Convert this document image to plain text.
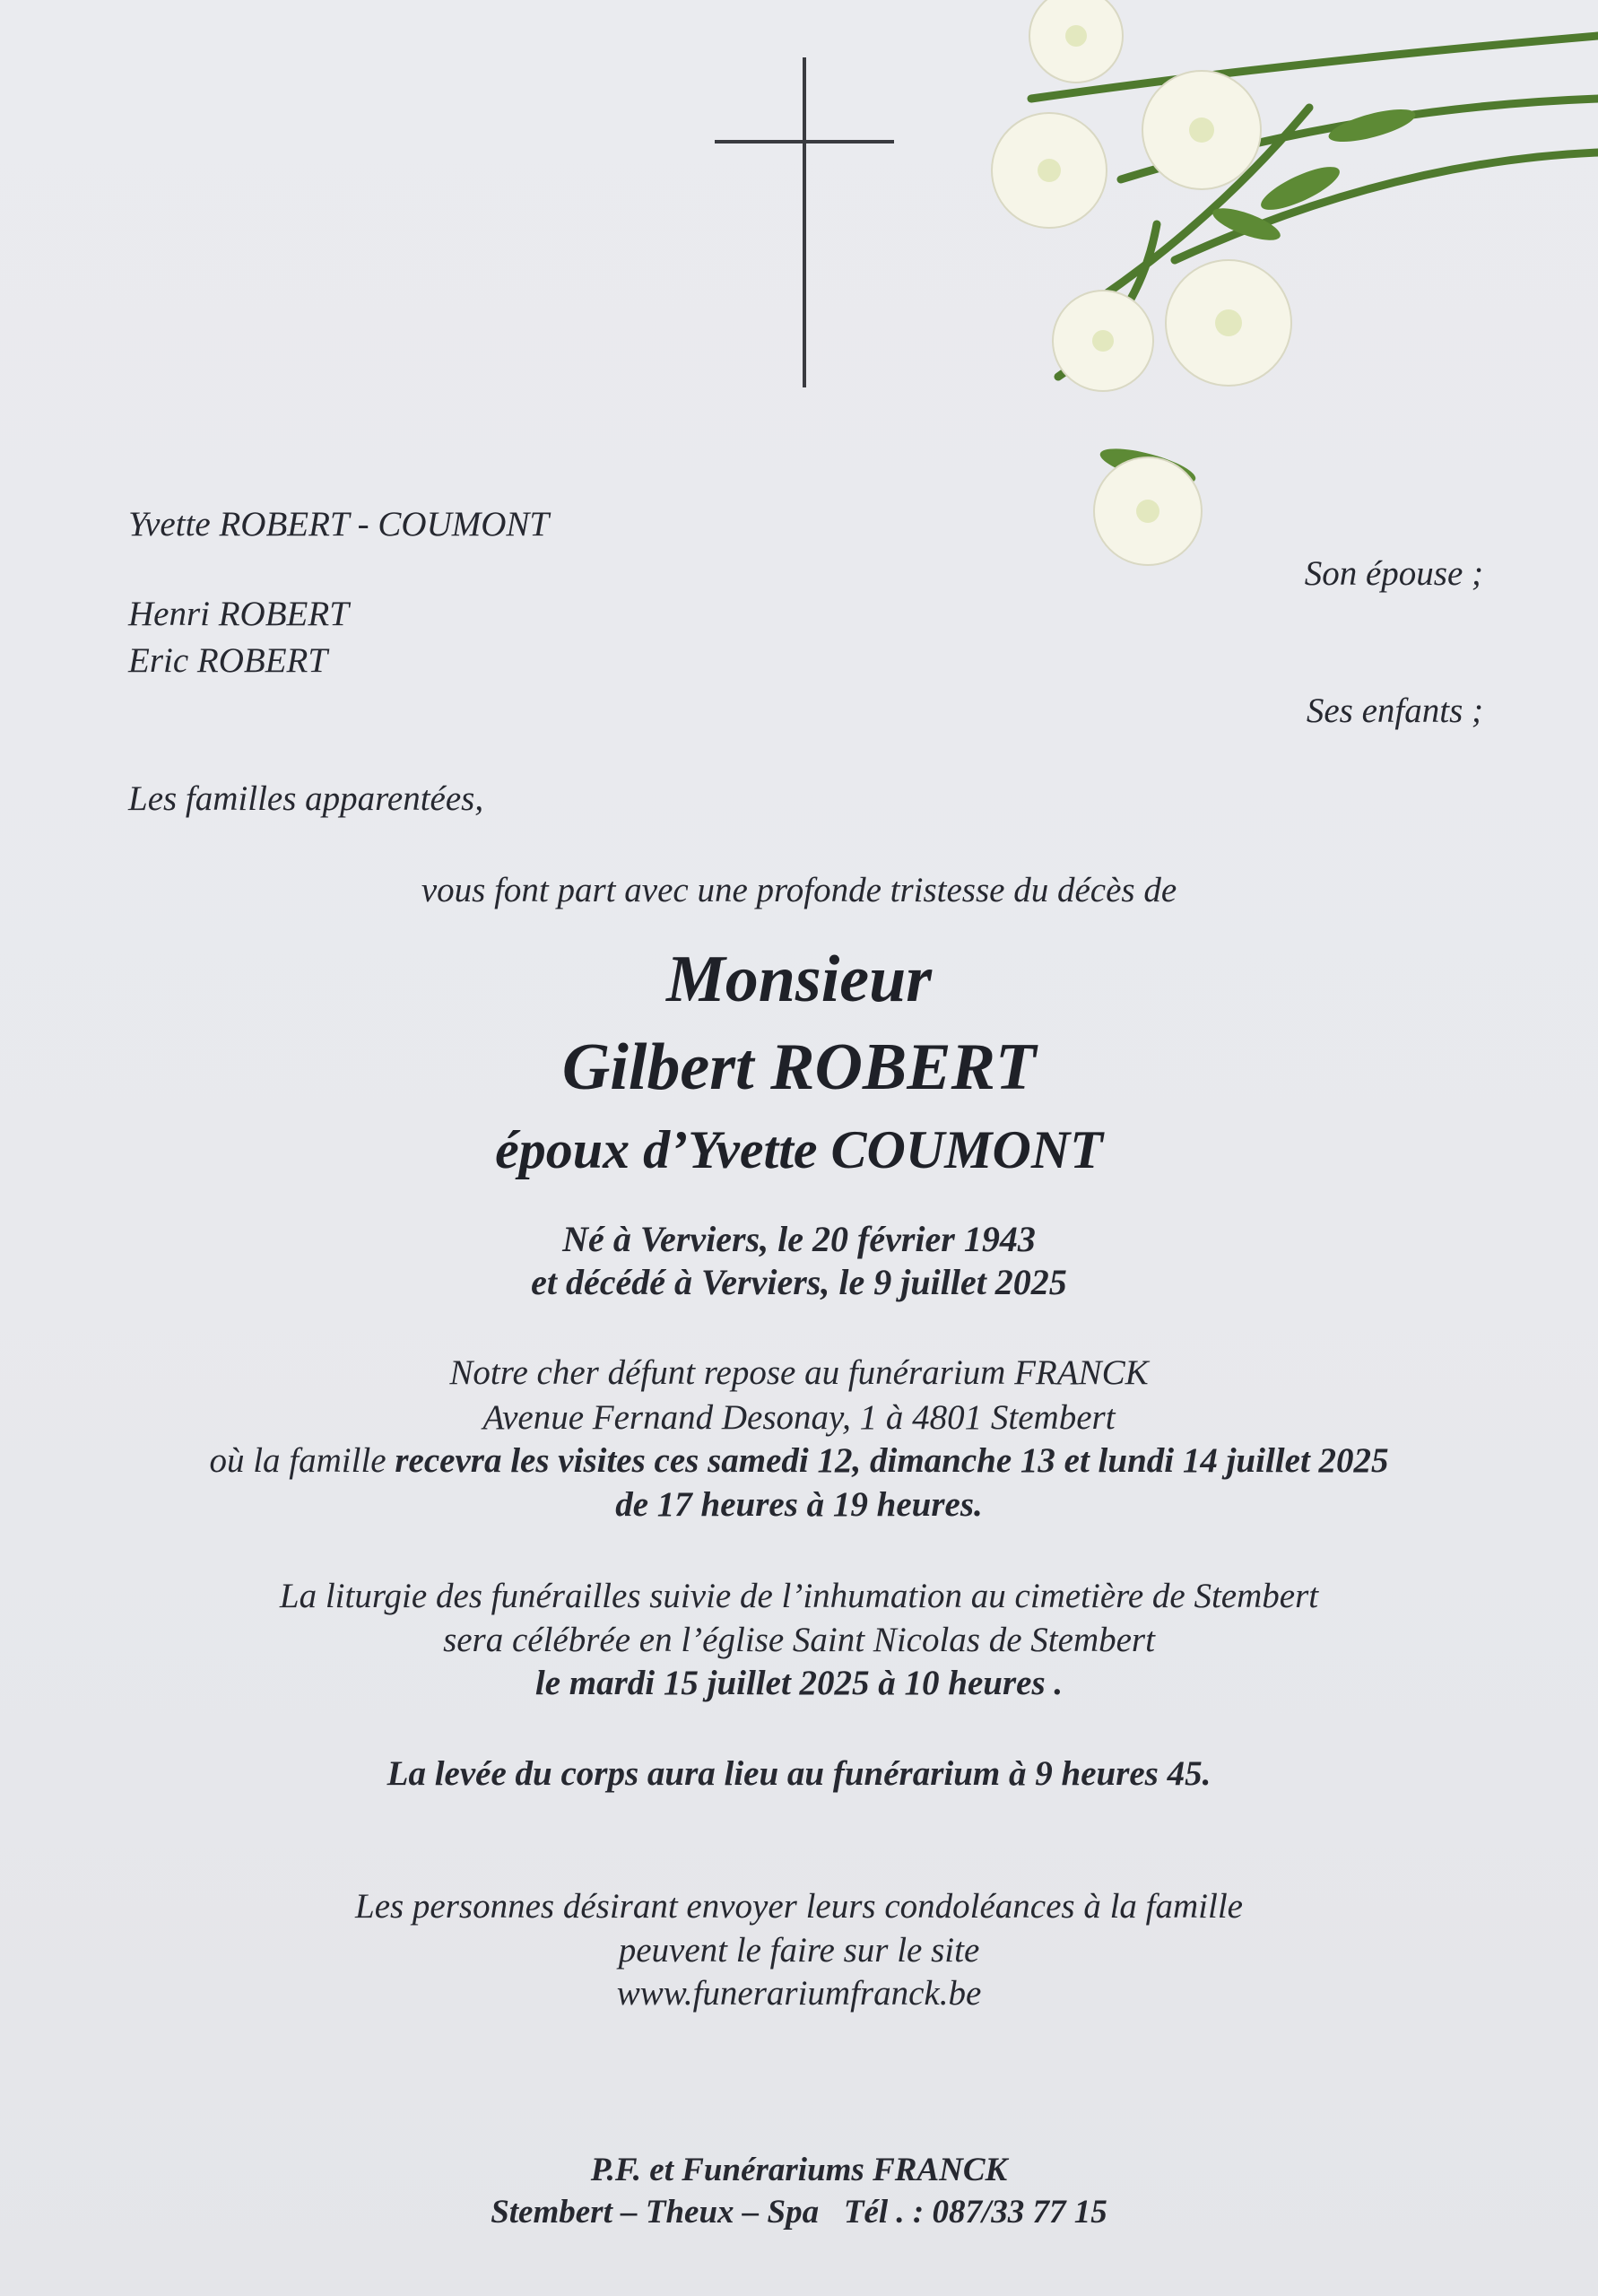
Yvette ROBERT - COUMONT
Son épouse ;
Henri ROBERT
Eric ROBERT
Ses enfants ;
Les familles apparentées,
vous font part avec une profonde tristesse du décès de
Monsieur
Gilbert ROBERT
époux d’Yvette COUMONT
Né à Verviers, le 20 février 1943
et décédé à Verviers, le 9 juillet 2025
Notre cher défunt repose au funérarium FRANCK
Avenue Fernand Desonay, 1 à 4801 Stembert
où la famille recevra les visites ces samedi 12, dimanche 13 et lundi 14 juillet 2025
de 17 heures à 19 heures.
La liturgie des funérailles suivie de l’inhumation au cimetière de Stembert
sera célébrée en l’église Saint Nicolas de Stembert
le mardi 15 juillet 2025 à 10 heures .
La levée du corps aura lieu au funérarium à 9 heures 45.
Les personnes désirant envoyer leurs condoléances à la famille
peuvent le faire sur le site
www.funerariumfranck.be
P.F. et Funérariums FRANCK
Stembert – Theux – Spa   Tél . : 087/33 77 15
